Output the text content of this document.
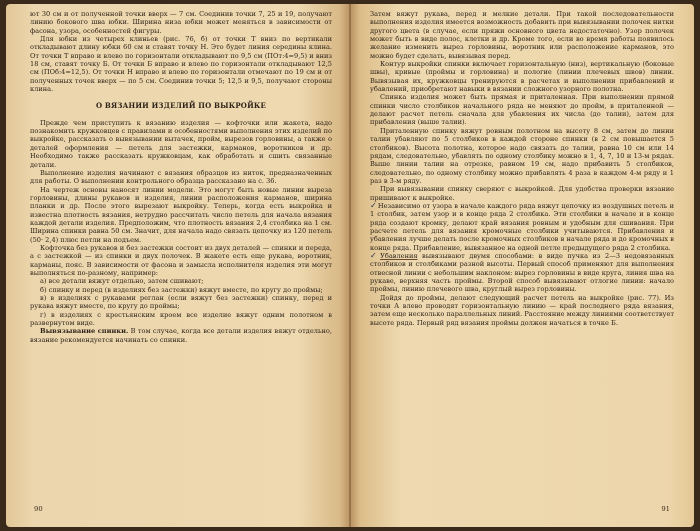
ют 30 см и от полученной точки вверх — 7 см. Соединив точки 7, 25 и 19, получают линию бокового шва юбки. Ширина низа юбки может меняться в зависимости от фасона, узора, особенностей фигуры.

Для юбки из четырех клиньев (рис. 76, б) от точки Т вниз по вертикали откладывают длину юбки 60 см и ставят точку Н. Это будет линия середины клина. От точки Т вправо и влево по горизонтали откладывают по 9,5 см (ПОт:4=9,5) и вниз 18 см, ставят точку Б. От точки Б вправо и влево по горизонтали откладывают 12,5 см (ПОб:4=12,5). От точки Н вправо и влево по горизонтали отмечают по 19 см и от полученных точек вверх — по 5 см. Соединив точки 5; 12,5 и 9,5, получают стороны клина.

О ВЯЗАНИИ ИЗДЕЛИЙ ПО ВЫКРОЙКЕ

Прежде чем приступить к вязанию изделия — кофточки или жакета, надо познакомить кружковцев с правилами и особенностями выполнения этих изделий по выкройке, рассказать о вывязывании вытачек, пройм, вырезов горловины, а также о деталей оформления — петель для застежки, карманов, воротников и др. Необходимо также рассказать кружковцам, как обработать и сшить связанные детали.

Выполнение изделия начинают с вязания образцов из ниток, предназначенных для работы. О выполнении контрольного образца рассказано на с. 36.

На чертеж основы наносят линии модели. Это могут быть новые линии выреза горловины, длины рукавов и изделия, линии расположения карманов, ширина планки и др. После этого вырезают выкройку. Теперь, когда есть выкройка и известна плотность вязания, нетрудно рассчитать число петель для начала вязания каждой детали изделия. Предположим, что плотность вязания 2,4 столбика на 1 см. Ширина спинки равна 50 см. Значит, для начала надо связать цепочку из 120 петель (50· 2,4) плюс петли на подъем.

Кофточка без рукавов и без застежки состоит из двух деталей — спинки и переда, а с застежкой — из спинки и двух полочек. В жакете есть еще рукава, воротник, карманы, пояс. В зависимости от фасона и замысла исполнителя изделия эти могут выполняться по-разному, например:

а) все детали вяжут отдельно, затем сшивают;

б) спинку и перед (в изделиях без застежки) вяжут вместе, по кругу до проймы;

в) в изделиях с рукавами реглан (если вяжут без застежки) спинку, перед и рукава вяжут вместе, по кругу до проймы;

г) в изделиях с крестьянским кроем все изделие вяжут одним полотном в развернутом виде.

Вывязывание спинки. В том случае, когда все детали изделия вяжут отдельно, вязание рекомендуется начинать со спинки.

90

Затем вяжут рукава, перед и мелкие детали. При такой последовательности выполнения изделия имеется возможность добавить при вывязывании полочек нитки другого цвета (в случае, если пряжи основного цвета недостаточно). Узор полочек может быть в виде полос, клетки и др. Кроме того, если во время работы появилось желание изменить вырез горловины, воротник или расположение карманов, это можно будет сделать, вывязывая перед.

Контур выкройки спинки включает горизонтальную (низ), вертикальную (боковые швы), кривые (проймы и горловина) и пологие (линии плечевых швов) линии. Вывязывая их, кружковцы тренируются в расчетах и выполнении прибавлений и убавлений, приобретают навыки в вязании сложного узорного полотна.

Спинка изделия может быть прямая и приталенная. При выполнении прямой спинки число столбиков начального ряда не меняют до пройм, в приталенной — делают расчет петель сначала для убавления их числа (до талии), затем для прибавления (выше талии).

Приталенную спинку вяжут ровным полотном на высоту 8 см, затем до линии талии убавляют по 5 столбиков в каждой стороне спинки (в 2 см повышается 5 столбиков). Высота полотна, которое надо связать до талии, равна 10 см или 14 рядам, следовательно, убавлять по одному столбику можно в 1, 4, 7, 10 и 13-м рядах. Выше линии талии на отрезке, равном 19 см, надо прибавить 5 столбиков, следовательно, по одному столбику можно прибавлять 4 раза в каждом 4-м ряду и 1 раз в 3-м ряду.

При вывязывании спинку сверяют с выкройкой. Для удобства проверки вязание пришивают к выкройке.

✓Независимо от узора в начале каждого ряда вяжут цепочку из воздушных петель и 1 столбик, затем узор и в конце ряда 2 столбика. Эти столбики в начале и в конце ряда создают кромку, делают край вязания ровным и удобным для сшивания. При расчете петель для вязания кромочные столбики учитываются. Прибавления и убавления лучше делать после кромочных столбиков в начале ряда и до кромочных в конце ряда. Прибавление, вывязанное на одной петле предыдущего ряда 2 столбика.

✓Убавления вывязывают двумя способами: в виде пучка из 2—3 недовязанных столбиков и столбиками разной высоты. Первый способ применяют для выполнения отвесной линии с небольшим наклоном: вырез горловины в виде круга, линия шва на рукаве, верхняя часть проймы. Второй способ вывязывают отлогие линии: начало проймы, линию плечевого шва, круглый вырез горловины.

Дойдя до проймы, делают следующий расчет петель на выкройке (рис. 77). Из точки А влево проводят горизонтальную линию — край последнего ряда вязания, затем еще несколько параллельных линий. Расстояние между линиями соответствует высоте ряда. Первый ряд вязания проймы должен начаться в точке Б.

91
